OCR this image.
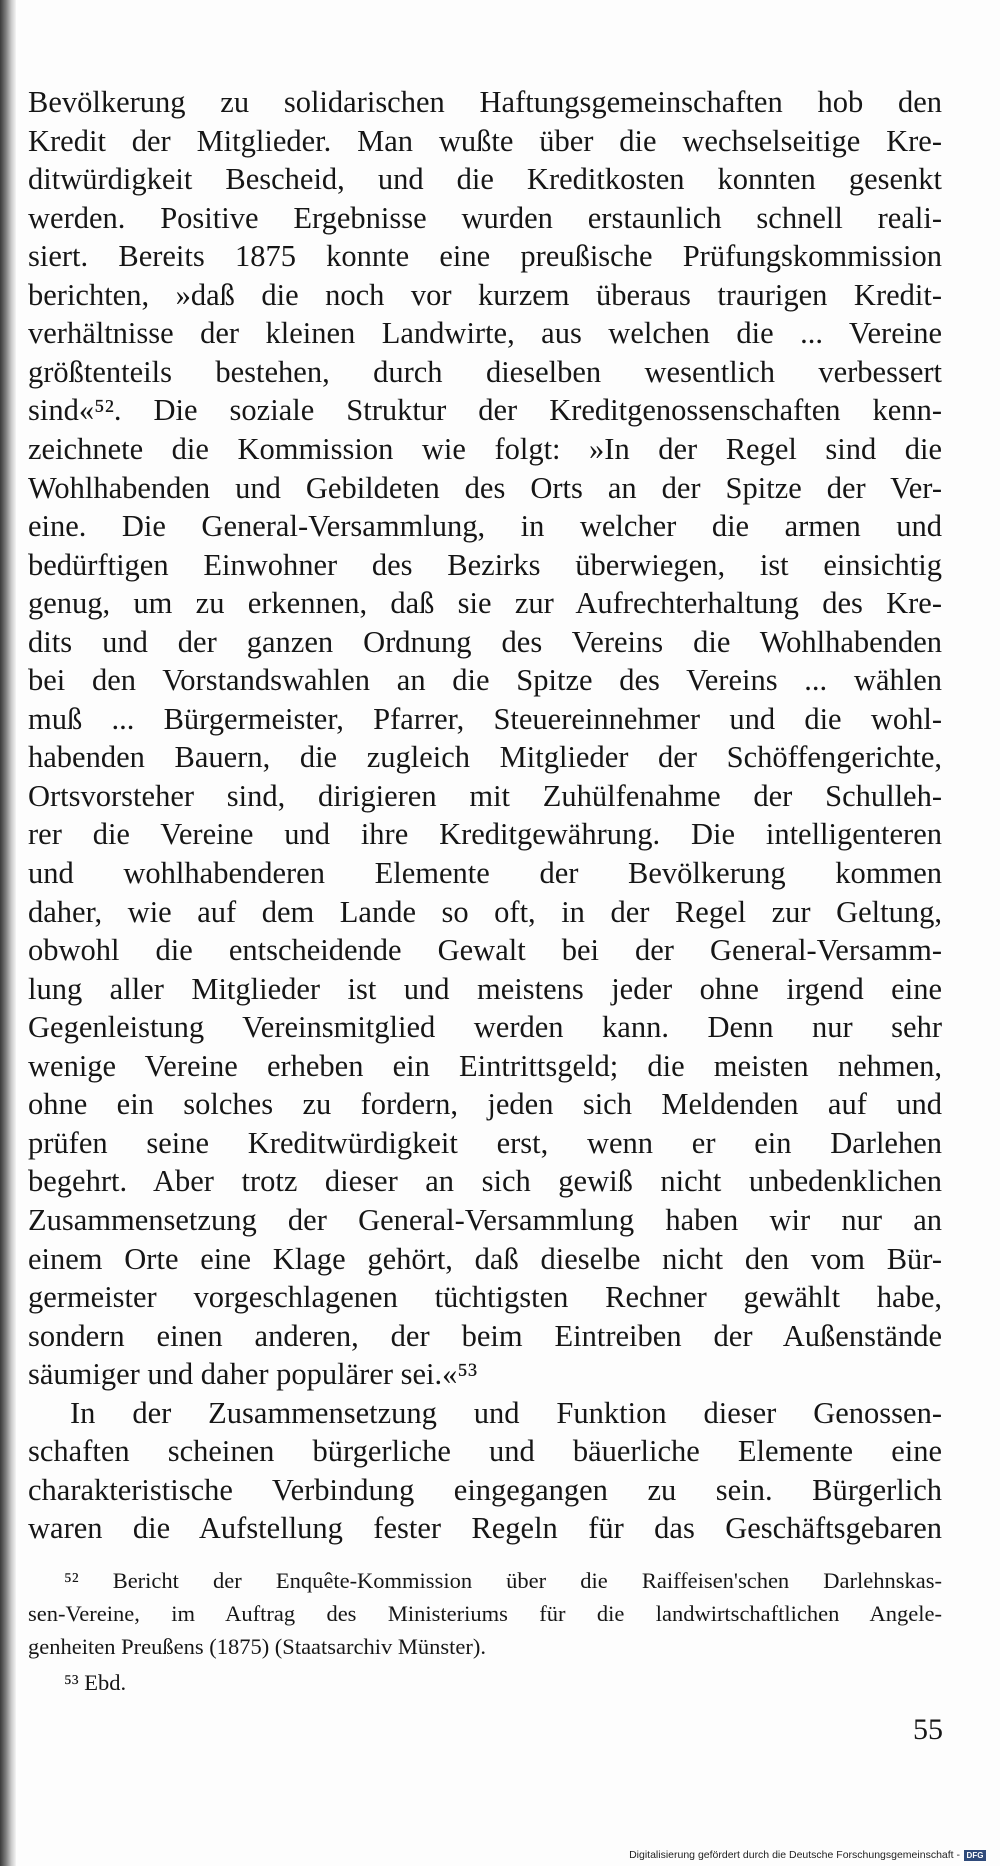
Bevölkerung zu solidarischen Haftungsgemeinschaften hob den
Kredit der Mitglieder. Man wußte über die wechselseitige Kre-
ditwürdigkeit Bescheid, und die Kreditkosten konnten gesenkt
werden. Positive Ergebnisse wurden erstaunlich schnell reali-
siert. Bereits 1875 konnte eine preußische Prüfungskommission
berichten, »daß die noch vor kurzem überaus traurigen Kredit-
verhältnisse der kleinen Landwirte, aus welchen die ... Vereine
größtenteils bestehen, durch dieselben wesentlich verbessert
sind«⁵². Die soziale Struktur der Kreditgenossenschaften kenn-
zeichnete die Kommission wie folgt: »In der Regel sind die
Wohlhabenden und Gebildeten des Orts an der Spitze der Ver-
eine. Die General-Versammlung, in welcher die armen und
bedürftigen Einwohner des Bezirks überwiegen, ist einsichtig
genug, um zu erkennen, daß sie zur Aufrechterhaltung des Kre-
dits und der ganzen Ordnung des Vereins die Wohlhabenden
bei den Vorstandswahlen an die Spitze des Vereins ... wählen
muß ... Bürgermeister, Pfarrer, Steuereinnehmer und die wohl-
habenden Bauern, die zugleich Mitglieder der Schöffengerichte,
Ortsvorsteher sind, dirigieren mit Zuhülfenahme der Schulleh-
rer die Vereine und ihre Kreditgewährung. Die intelligenteren
und wohlhabenderen Elemente der Bevölkerung kommen
daher, wie auf dem Lande so oft, in der Regel zur Geltung,
obwohl die entscheidende Gewalt bei der General-Versamm-
lung aller Mitglieder ist und meistens jeder ohne irgend eine
Gegenleistung Vereinsmitglied werden kann. Denn nur sehr
wenige Vereine erheben ein Eintrittsgeld; die meisten nehmen,
ohne ein solches zu fordern, jeden sich Meldenden auf und
prüfen seine Kreditwürdigkeit erst, wenn er ein Darlehen
begehrt. Aber trotz dieser an sich gewiß nicht unbedenklichen
Zusammensetzung der General-Versammlung haben wir nur an
einem Orte eine Klage gehört, daß dieselbe nicht den vom Bür-
germeister vorgeschlagenen tüchtigsten Rechner gewählt habe,
sondern einen anderen, der beim Eintreiben der Außenstände
säumiger und daher populärer sei.«⁵³
In der Zusammensetzung und Funktion dieser Genossen-
schaften scheinen bürgerliche und bäuerliche Elemente eine
charakteristische Verbindung eingegangen zu sein. Bürgerlich
waren die Aufstellung fester Regeln für das Geschäftsgebaren
⁵² Bericht der Enquête-Kommission über die Raiffeisen'schen Darlehnskas-
sen-Vereine, im Auftrag des Ministeriums für die landwirtschaftlichen Angele-
genheiten Preußens (1875) (Staatsarchiv Münster).
⁵³ Ebd.
55
Digitalisierung gefördert durch die Deutsche Forschungsgemeinschaft - DFG
